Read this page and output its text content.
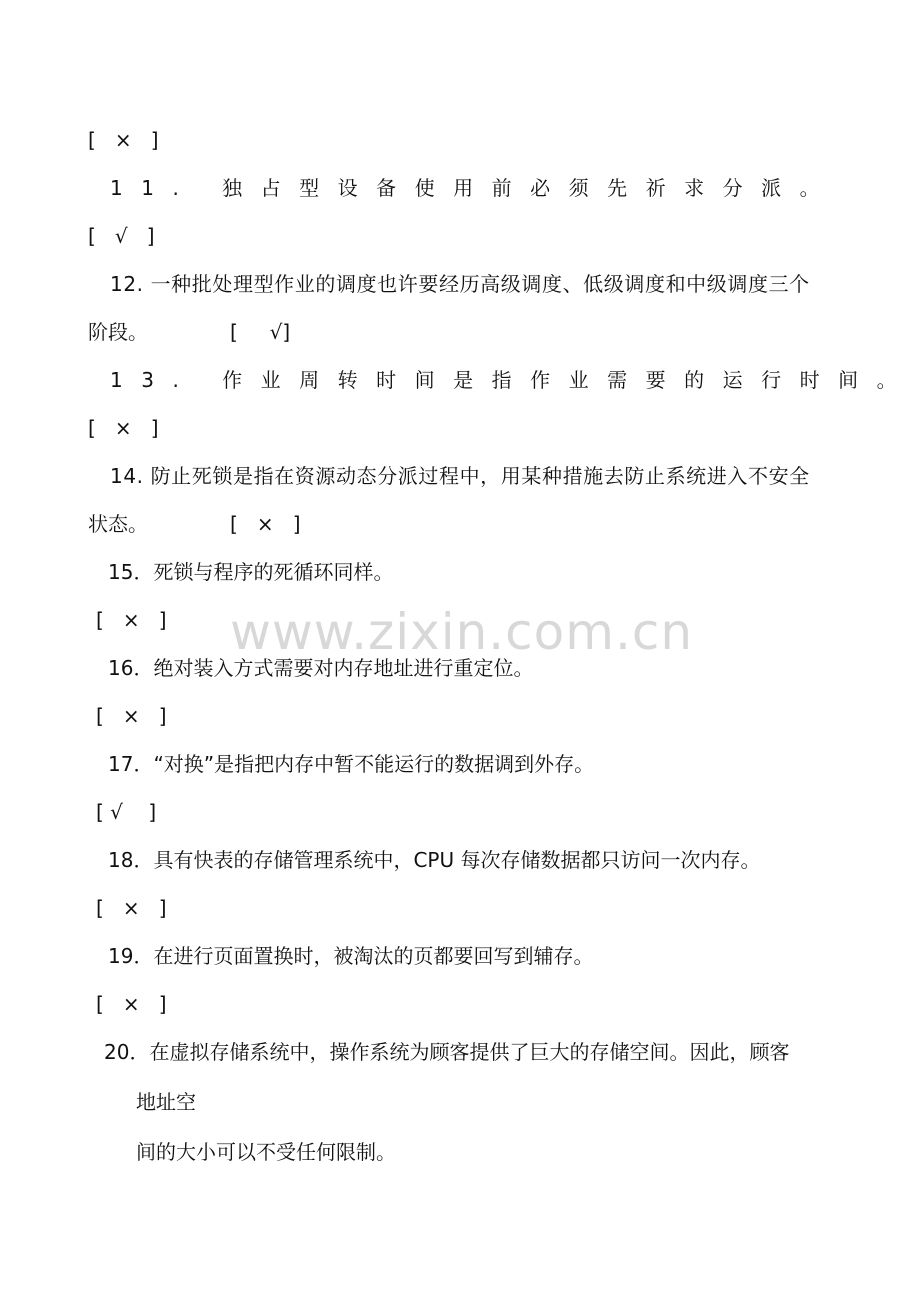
[   ×   ]
11. 独占型设备使用前必须先祈求分派。
[   √   ]
12. 一种批处理型作业的调度也许要经历高级调度、低级调度和中级调度三个
阶段。	[     √]
13. 作业周转时间是指作业需要的运行时间。
[   ×   ]
14. 防止死锁是指在资源动态分派过程中，用某种措施去防止系统进入不安全
状态。	[   ×   ]
15．死锁与程序的死循环同样。
[   ×   ]
16．绝对装入方式需要对内存地址进行重定位。
[   ×   ]
17．“对换”是指把内存中暂不能运行的数据调到外存。
[ √    ]
18．具有快表的存储管理系统中，CPU 每次存储数据都只访问一次内存。
[   ×   ]
19．在进行页面置换时，被淘汰的页都要回写到辅存。
[   ×   ]
20．在虚拟存储系统中，操作系统为顾客提供了巨大的存储空间。因此，顾客
地址空
间的大小可以不受任何限制。
www.zixin.com.cn
